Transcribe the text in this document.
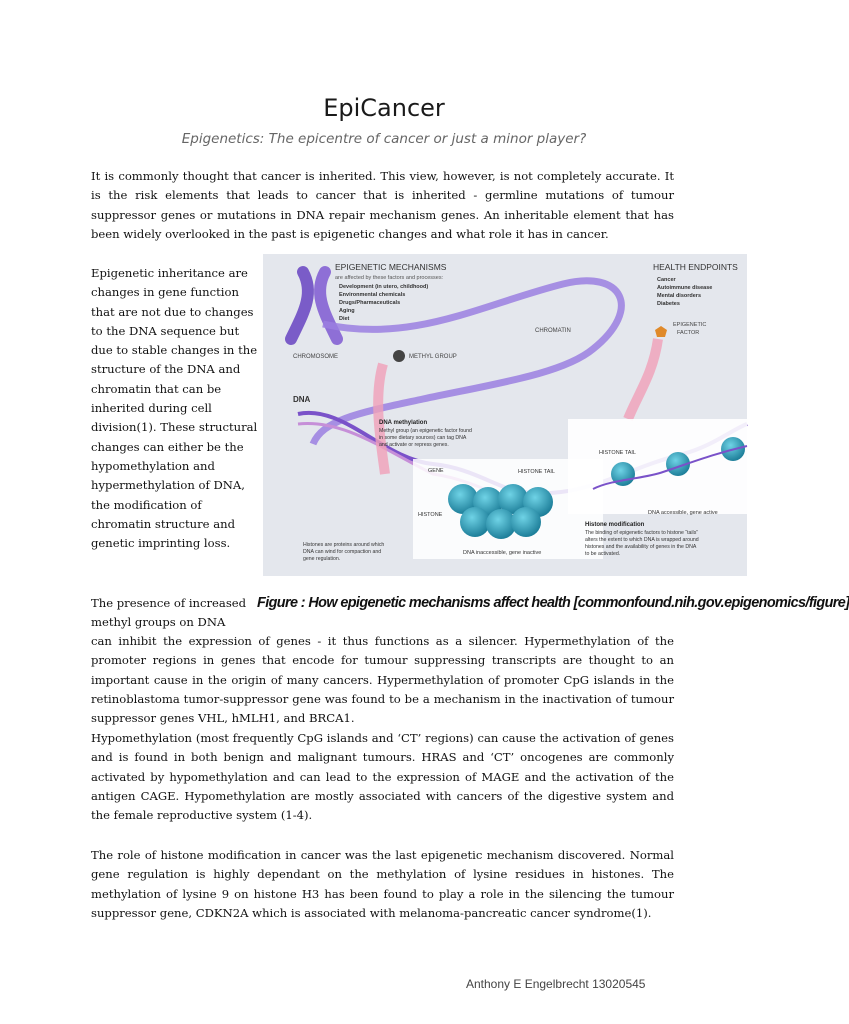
EpiCancer
Epigenetics: The epicentre of cancer or just a minor player?
It is commonly thought that cancer is inherited. This view, however, is not completely accurate. It is the risk elements that leads to cancer that is inherited - germline mutations of tumour suppressor genes or mutations in DNA repair mechanism genes. An inheritable element that has been widely overlooked in the past is epigenetic changes and what role it has in cancer.
Epigenetic inheritance are changes in gene function that are not due to changes to the DNA sequence but due to stable changes in the structure of the DNA and chromatin that can be inherited during cell division(1). These structural changes can either be the hypomethylation and hypermethylation of DNA, the modification of chromatin structure and genetic imprinting loss.
EPIGENETIC MECHANISMS
are affected by these factors and processes:
Development (in utero, childhood)
Environmental chemicals
Drugs/Pharmaceuticals
Aging
Diet
HEALTH ENDPOINTS
Cancer
Autoimmune disease
Mental disorders
Diabetes
CHROMOSOME
CHROMATIN
METHYL GROUP
EPIGENETIC
FACTOR
DNA
DNA methylation
Methyl group (an epigenetic factor found
in some dietary sources) can tag DNA
and activate or repress genes.
GENE	HISTONE TAIL
HISTONE
HISTONE TAIL
DNA accessible, gene active
DNA inaccessible, gene inactive
Histones are proteins around which
DNA can wind for compaction and
gene regulation.
Histone modification
The binding of epigenetic factors to histone “tails”
alters the extent to which DNA is wrapped around
histones and the availability of genes in the DNA
to be activated.
Figure : How epigenetic mechanisms affect health [commonfound.nih.gov.epigenomics/figure]
The presence of increased methyl groups on DNA
can inhibit the expression of genes - it thus functions as a silencer. Hypermethylation of the promoter regions in genes that encode for tumour suppressing transcripts are thought to an important cause in the origin of many cancers. Hypermethylation of promoter CpG islands in the retinoblastoma tumor-suppressor gene was found to be a mechanism in the inactivation of tumour suppressor genes VHL, hMLH1, and BRCA1.
Hypomethylation (most frequently CpG islands and ‘CT’ regions) can cause the activation of genes and is found in both benign and malignant tumours. HRAS and ‘CT’ oncogenes are commonly activated by hypomethylation and can lead to the expression of MAGE and the activation of the antigen CAGE. Hypomethylation are mostly associated with cancers of the digestive system and the female reproductive system (1-4).
The role of histone modification in cancer was the last epigenetic mechanism discovered. Normal gene regulation is highly dependant on the methylation of lysine residues in histones. The methylation of lysine 9 on histone H3 has been found to play a role in the silencing the tumour suppressor gene, CDKN2A which is associated with melanoma-pancreatic cancer syndrome(1).
Anthony E Engelbrecht 13020545
